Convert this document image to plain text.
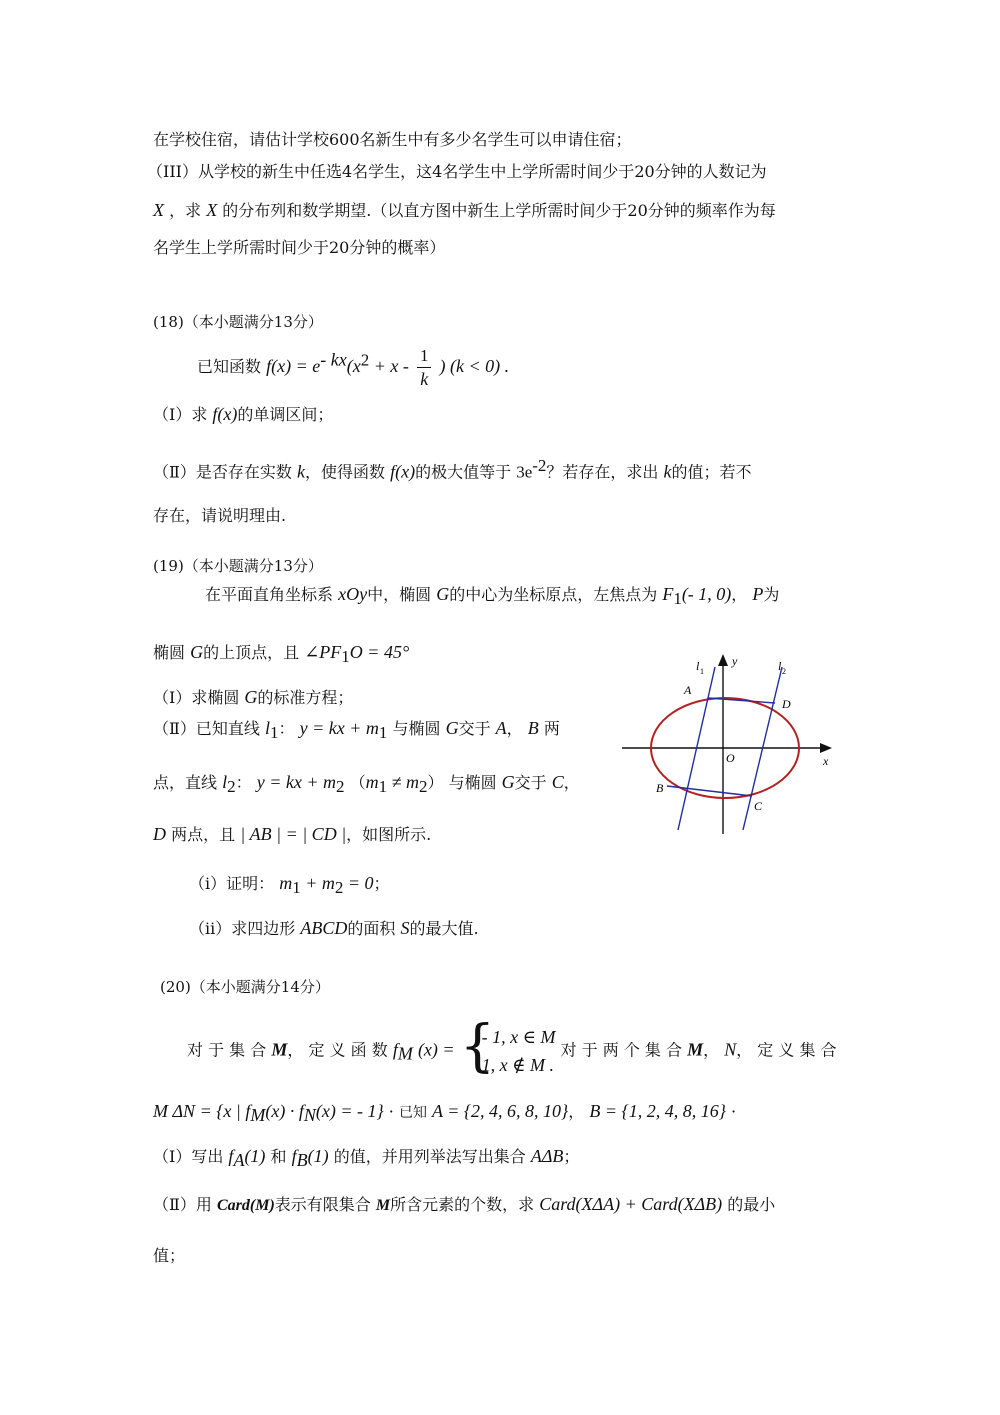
在学校住宿，请估计学校600名新生中有多少名学生可以申请住宿；
（III）从学校的新生中任选4名学生，这4名学生中上学所需时间少于20分钟的人数记为
X ，求 X 的分布列和数学期望.（以直方图中新生上学所需时间少于20分钟的频率作为每
名学生上学所需时间少于20分钟的概率）
(18)（本小题满分13分）
已知函数 $f(x) = e^{- kx}(x^2 + x - \frac{1}{k}$ ) (k < 0) .
（Ⅰ）求 f(x)的单调区间；
（Ⅱ）是否存在实数 k，使得函数 f(x)的极大值等于 $3e^{-2}$？若存在，求出 k的值；若不
存在，请说明理由.
(19)（本小题满分13分）
在平面直角坐标系 xOy中，椭圆 G的中心为坐标原点，左焦点为 $F_1(-$ 1, 0)， P为
椭圆 G的上顶点，且 $\angle PF_1O = 45^\circ$
（Ⅰ）求椭圆 G的标准方程；
（Ⅱ）已知直线 $l_1$： y = kx + $m_1$ 与椭圆 G交于 A， B 两
点，直线 $l_2$： y = kx + $m_2$ $(m_1 \ne m_2)$ 与椭圆 G交于 C，
D 两点，且 | AB | = | CD |，如图所示.
（ⅰ）证明： $m_1 + m_2 = 0$；
（ⅱ）求四边形 ABCD的面积 S的最大值.
l 1	l 2
y
x
O
A
D
B
C
(20)（本小题满分14分）
对 于 集 合 M， 定 义 函 数 $f_M$ (x) = {
- 1, x ∈ M
1, x ∉ M .
对 于 两 个 集 合 M， N， 定 义 集 合
M ΔN = {x | $f_M(x) \cdot f_N(x)$ = - 1} · 已知 A = {2, 4, 6, 8, 10}， B = {1, 2, 4, 8, 16} ·
（Ⅰ）写出 $f_A(1)$ 和 $f_B(1)$ 的值，并用列举法写出集合 AΔB；
（Ⅱ）用 Card(M)表示有限集合 M所含元素的个数，求 Card(XΔA) + Card(XΔB) 的最小
值；
